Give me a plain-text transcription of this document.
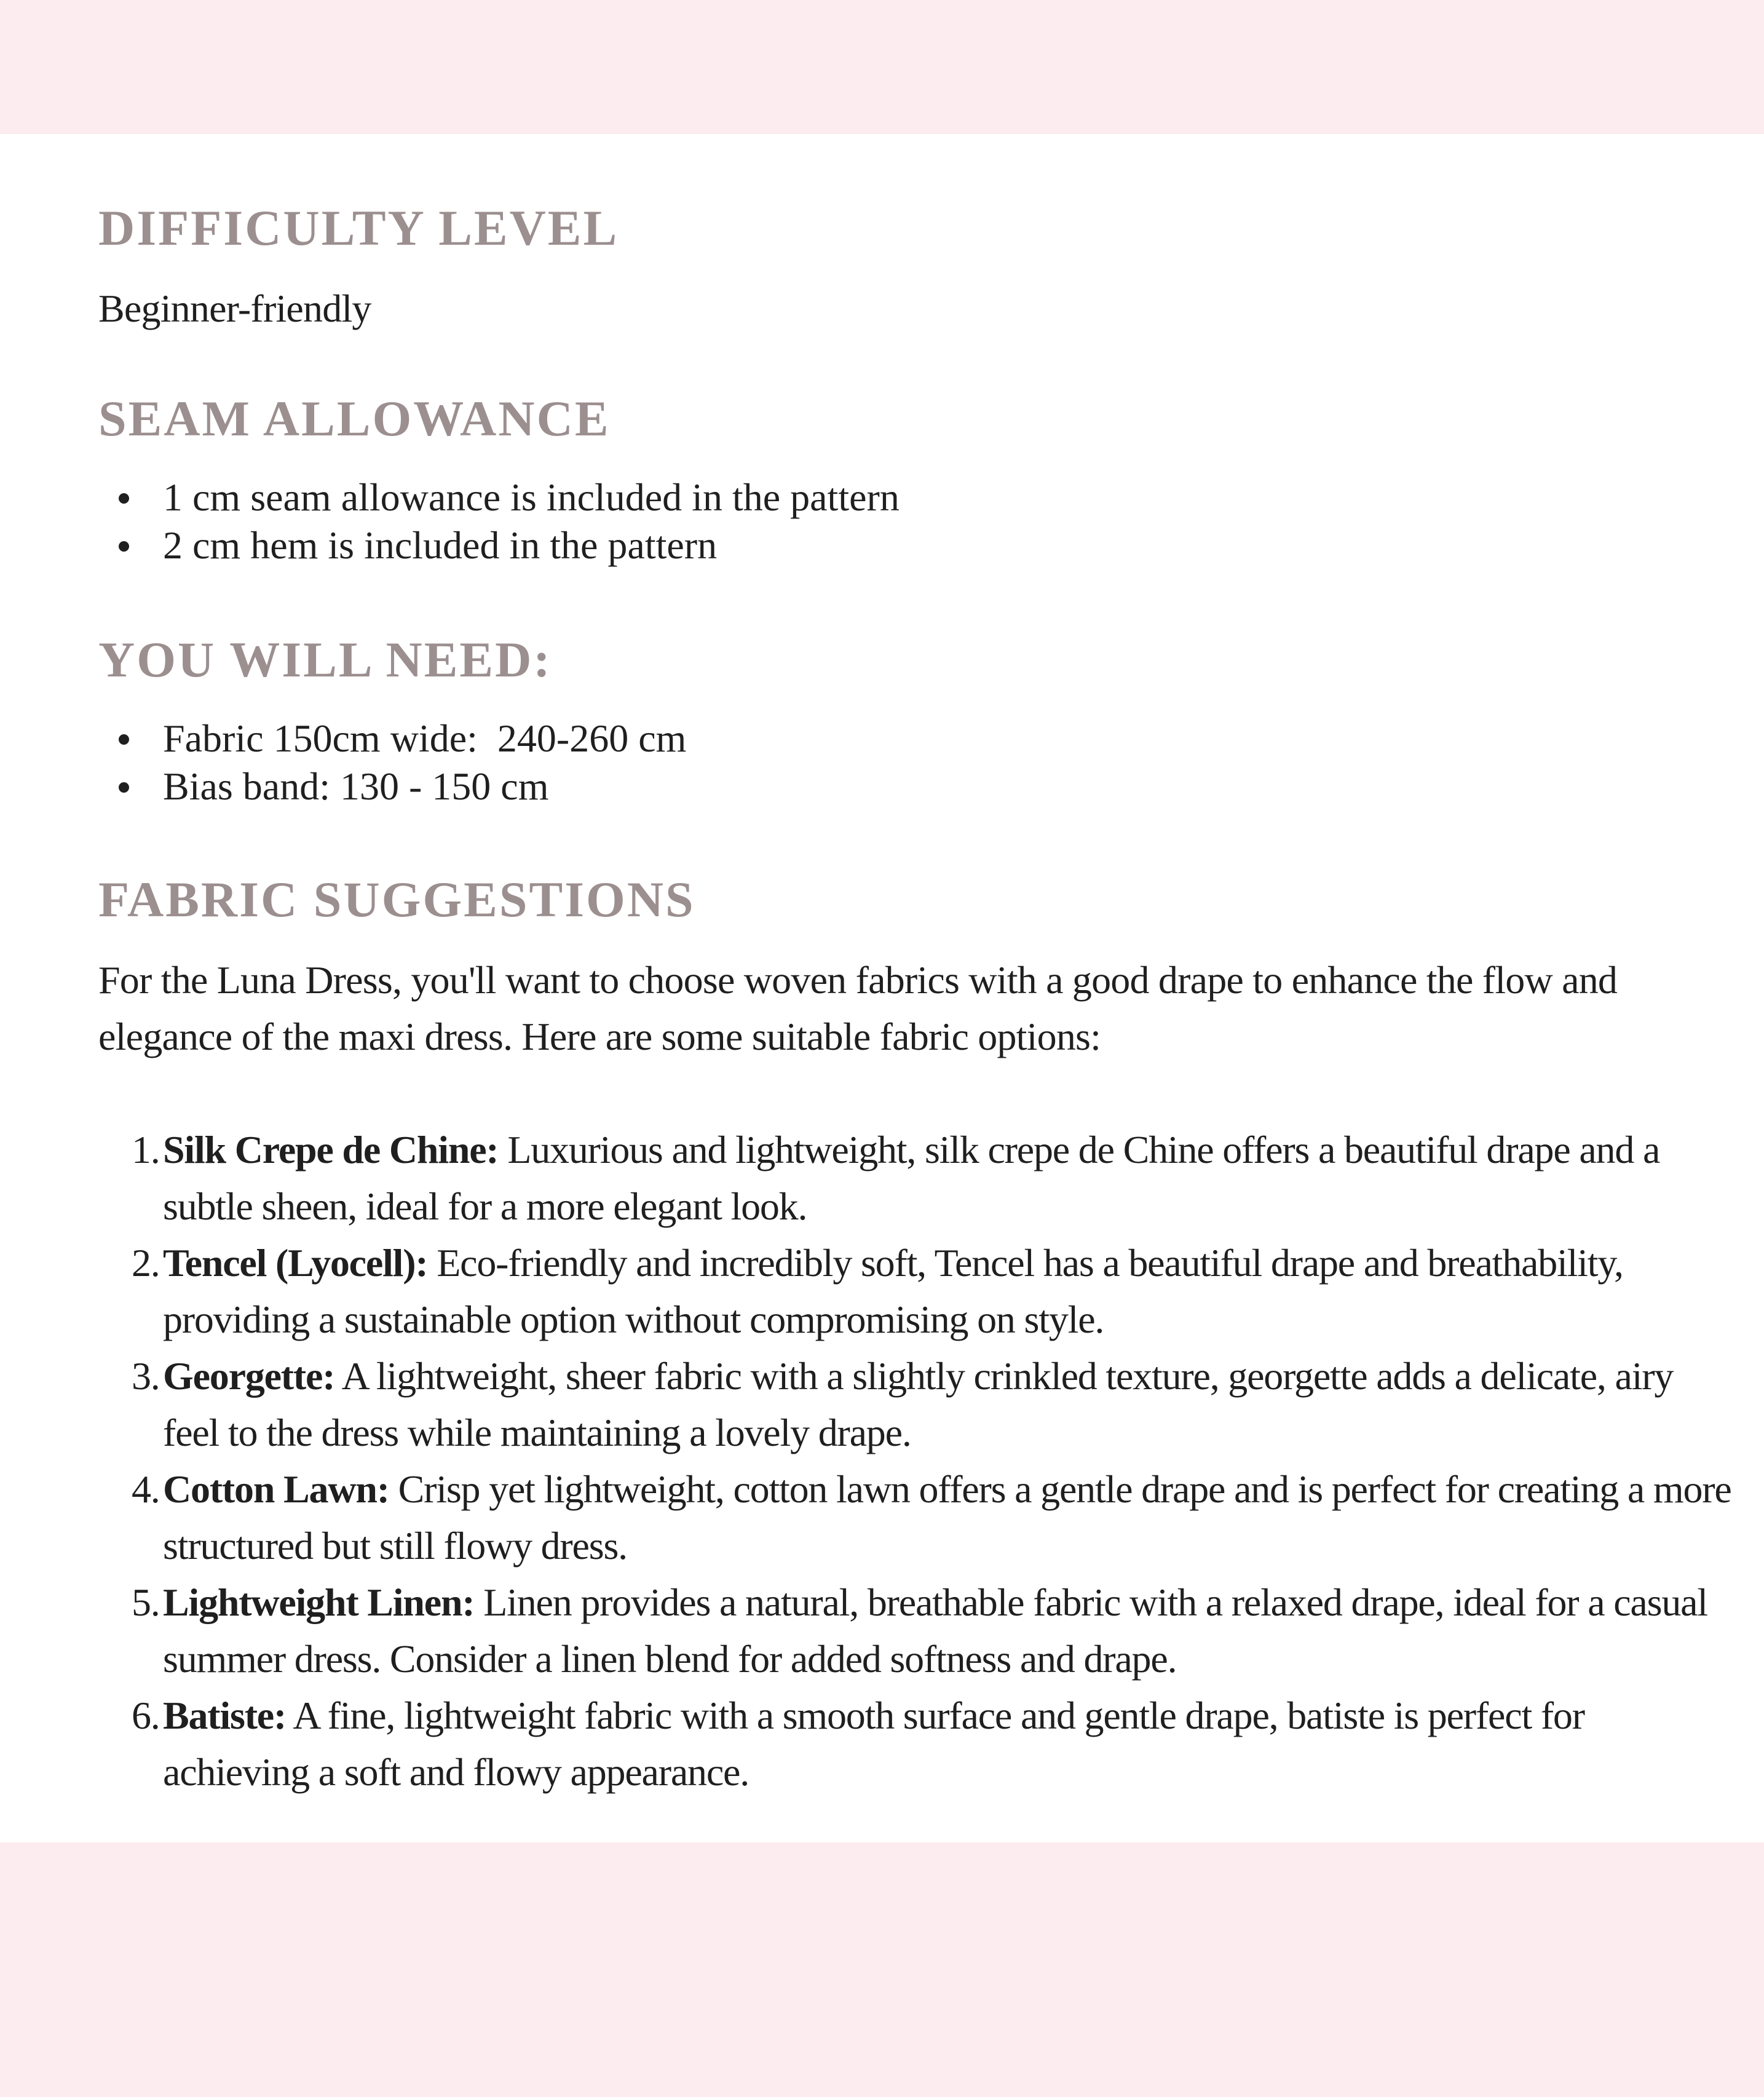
DIFFICULTY LEVEL

Beginner-friendly

SEAM ALLOWANCE
1 cm seam allowance is included in the pattern
2 cm hem is included in the pattern
YOU WILL NEED:
Fabric 150cm wide:  240-260 cm
Bias band: 130 - 150 cm
FABRIC SUGGESTIONS

For the Luna Dress, you'll want to choose woven fabrics with a good drape to enhance the flow and elegance of the maxi dress. Here are some suitable fabric options:

1. Silk Crepe de Chine: Luxurious and lightweight, silk crepe de Chine offers a beautiful drape and a subtle sheen, ideal for a more elegant look.
2. Tencel (Lyocell): Eco-friendly and incredibly soft, Tencel has a beautiful drape and breathability, providing a sustainable option without compromising on style.
3. Georgette: A lightweight, sheer fabric with a slightly crinkled texture, georgette adds a delicate, airy feel to the dress while maintaining a lovely drape.
4. Cotton Lawn: Crisp yet lightweight, cotton lawn offers a gentle drape and is perfect for creating a more structured but still flowy dress.
5. Lightweight Linen: Linen provides a natural, breathable fabric with a relaxed drape, ideal for a casual summer dress. Consider a linen blend for added softness and drape.
6. Batiste: A fine, lightweight fabric with a smooth surface and gentle drape, batiste is perfect for achieving a soft and flowy appearance.
